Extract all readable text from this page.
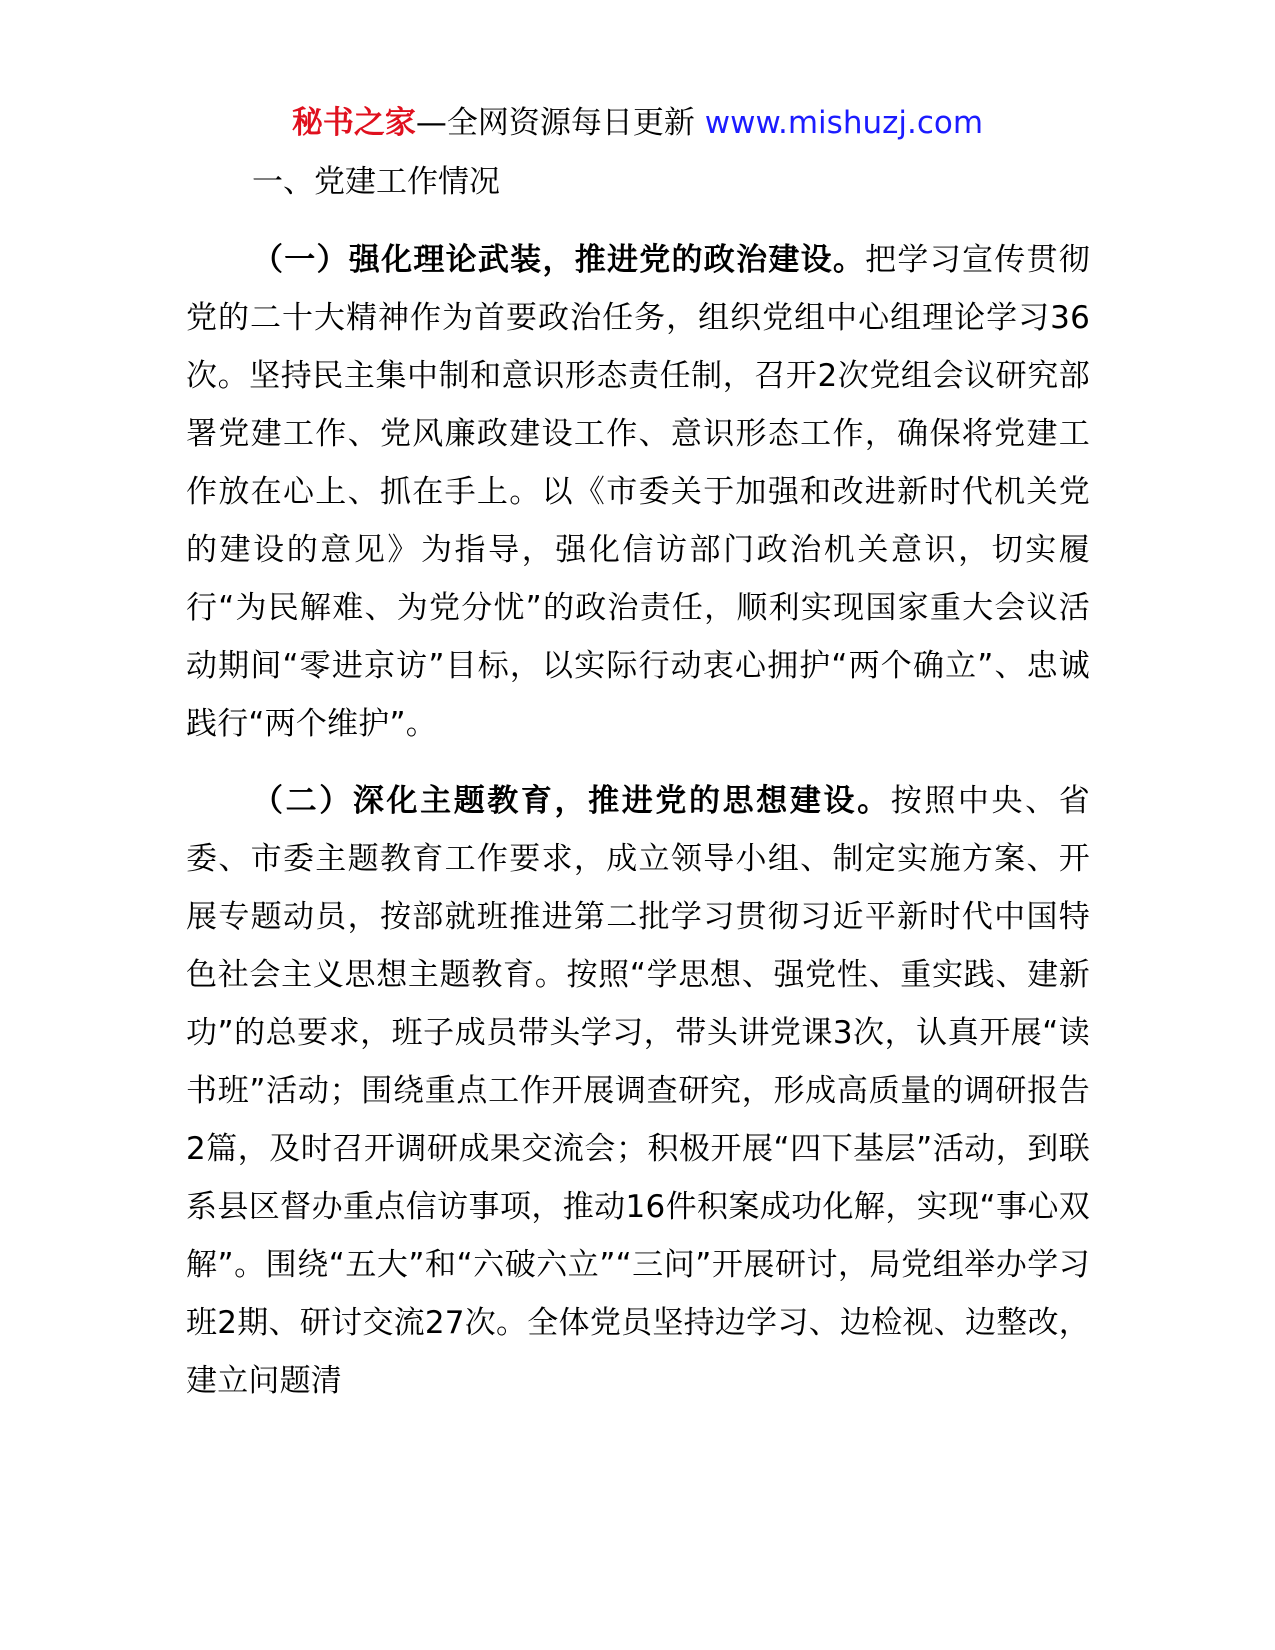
秘书之家—全网资源每日更新 www.mishuzj.com
一、党建工作情况

（一）强化理论武装，推进党的政治建设。把学习宣传贯彻党的二十大精神作为首要政治任务，组织党组中心组理论学习36次。坚持民主集中制和意识形态责任制，召开2次党组会议研究部署党建工作、党风廉政建设工作、意识形态工作，确保将党建工作放在心上、抓在手上。以《市委关于加强和改进新时代机关党的建设的意见》为指导，强化信访部门政治机关意识，切实履行“为民解难、为党分忧”的政治责任，顺利实现国家重大会议活动期间“零进京访”目标，以实际行动衷心拥护“两个确立”、忠诚践行“两个维护”。

（二）深化主题教育，推进党的思想建设。按照中央、省委、市委主题教育工作要求，成立领导小组、制定实施方案、开展专题动员，按部就班推进第二批学习贯彻习近平新时代中国特色社会主义思想主题教育。按照“学思想、强党性、重实践、建新功”的总要求，班子成员带头学习，带头讲党课3次，认真开展“读书班”活动；围绕重点工作开展调查研究，形成高质量的调研报告2篇，及时召开调研成果交流会；积极开展“四下基层”活动，到联系县区督办重点信访事项，推动16件积案成功化解，实现“事心双解”。围绕“五大”和“六破六立”“三问”开展研讨，局党组举办学习班2期、研讨交流27次。全体党员坚持边学习、边检视、边整改，建立问题清
